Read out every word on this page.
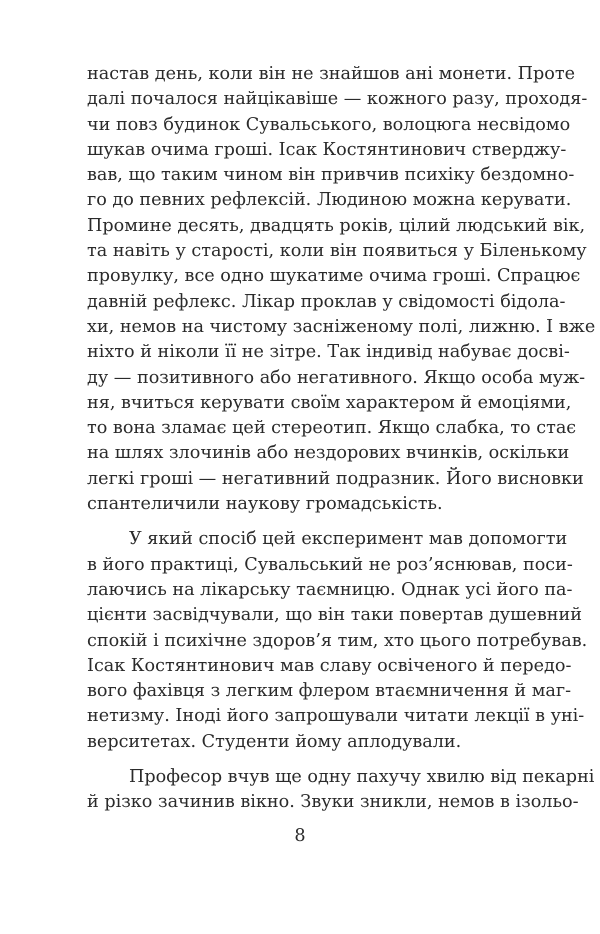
настав день, коли він не знайшов ані монети. Проте
далі почалося найцікавіше — кожного разу, проходя-
чи повз будинок Сувальського, волоцюга несвідомо
шукав очима гроші. Ісак Костянтинович стверджу-
вав, що таким чином він привчив психіку бездомно-
го до певних рефлексій. Людиною можна керувати.
Промине десять, двадцять років, цілий людський вік,
та навіть у старості, коли він появиться у Біленькому
провулку, все одно шукатиме очима гроші. Спрацює
давній рефлекс. Лікар проклав у свідомості бідола-
хи, немов на чистому засніженому полі, лижню. І вже
ніхто й ніколи її не зітре. Так індивід набуває досві-
ду — позитивного або негативного. Якщо особа муж-
ня, вчиться керувати своїм характером й емоціями,
то вона зламає цей стереотип. Якщо слабка, то стає
на шлях злочинів або нездорових вчинків, оскільки
легкі гроші — негативний подразник. Його висновки
спантеличили наукову громадськість.

У який спосіб цей експеримент мав допомогти
в його практиці, Сувальський не роз’яснював, поси-
лаючись на лікарську таємницю. Однак усі його па-
цієнти засвідчували, що він таки повертав душевний
спокій і психічне здоров’я тим, хто цього потребував.
Ісак Костянтинович мав славу освіченого й передо-
вого фахівця з легким флером втаємничення й маг-
нетизму. Іноді його запрошували читати лекції в уні-
верситетах. Студенти йому аплодували.

Професор вчув ще одну пахучу хвилю від пекарні
й різко зачинив вікно. Звуки зникли, немов в ізольо-

8
